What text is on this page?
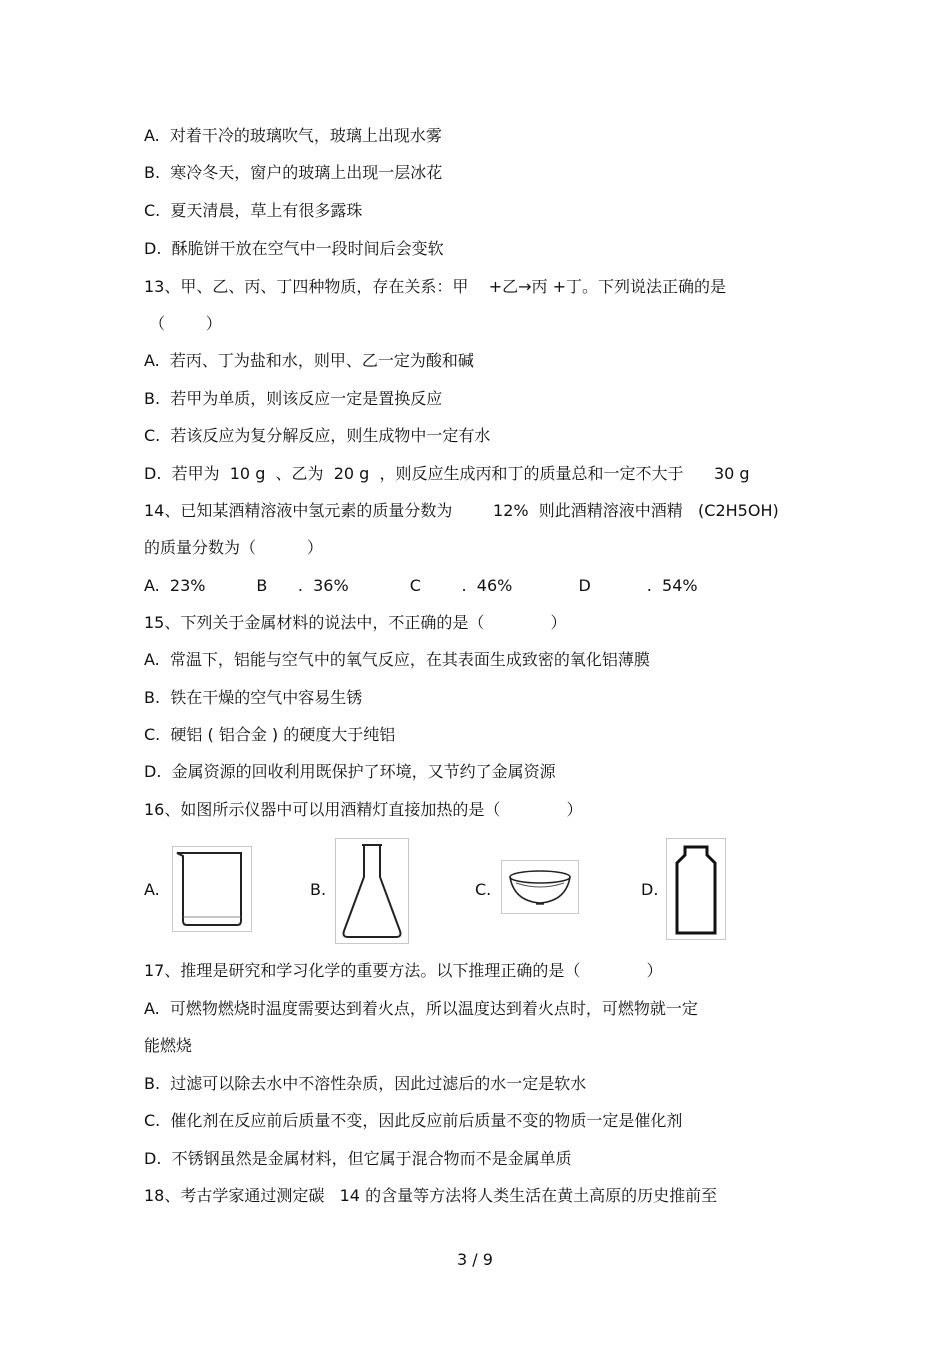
A.  对着干冷的玻璃吹气，玻璃上出现水雾
B.  寒冷冬天，窗户的玻璃上出现一层冰花
C.  夏天清晨，草上有很多露珠
D.  酥脆饼干放在空气中一段时间后会变软
13、甲、乙、丙、丁四种物质，存在关系：甲    +乙→丙 +丁。下列说法正确的是
（        ）
A.  若丙、丁为盐和水，则甲、乙一定为酸和碱
B.  若甲为单质，则该反应一定是置换反应
C.  若该反应为复分解反应，则生成物中一定有水
D.  若甲为  10 g  、乙为  20 g  ，则反应生成丙和丁的质量总和一定不大于      30 g
14、已知某酒精溶液中氢元素的质量分数为        12%  则此酒精溶液中酒精   (C2H5OH)
的质量分数为（          ）
A.  23%          B      .  36%            C        .  46%             D           .  54%
15、下列关于金属材料的说法中，不正确的是（             ）
A.  常温下，铝能与空气中的氧气反应，在其表面生成致密的氧化铝薄膜
B.  铁在干燥的空气中容易生锈
C.  硬铝 ( 铝合金 ) 的硬度大于纯铝
D.  金属资源的回收利用既保护了环境，又节约了金属资源
16、如图所示仪器中可以用酒精灯直接加热的是（             ）
A.	B.	C.	D.
17、推理是研究和学习化学的重要方法。以下推理正确的是（             ）
A.  可燃物燃烧时温度需要达到着火点，所以温度达到着火点时，可燃物就一定
能燃烧
B.  过滤可以除去水中不溶性杂质，因此过滤后的水一定是软水
C.  催化剂在反应前后质量不变，因此反应前后质量不变的物质一定是催化剂
D.  不锈钢虽然是金属材料，但它属于混合物而不是金属单质
18、考古学家通过测定碳   14 的含量等方法将人类生活在黄土高原的历史推前至
3 / 9
